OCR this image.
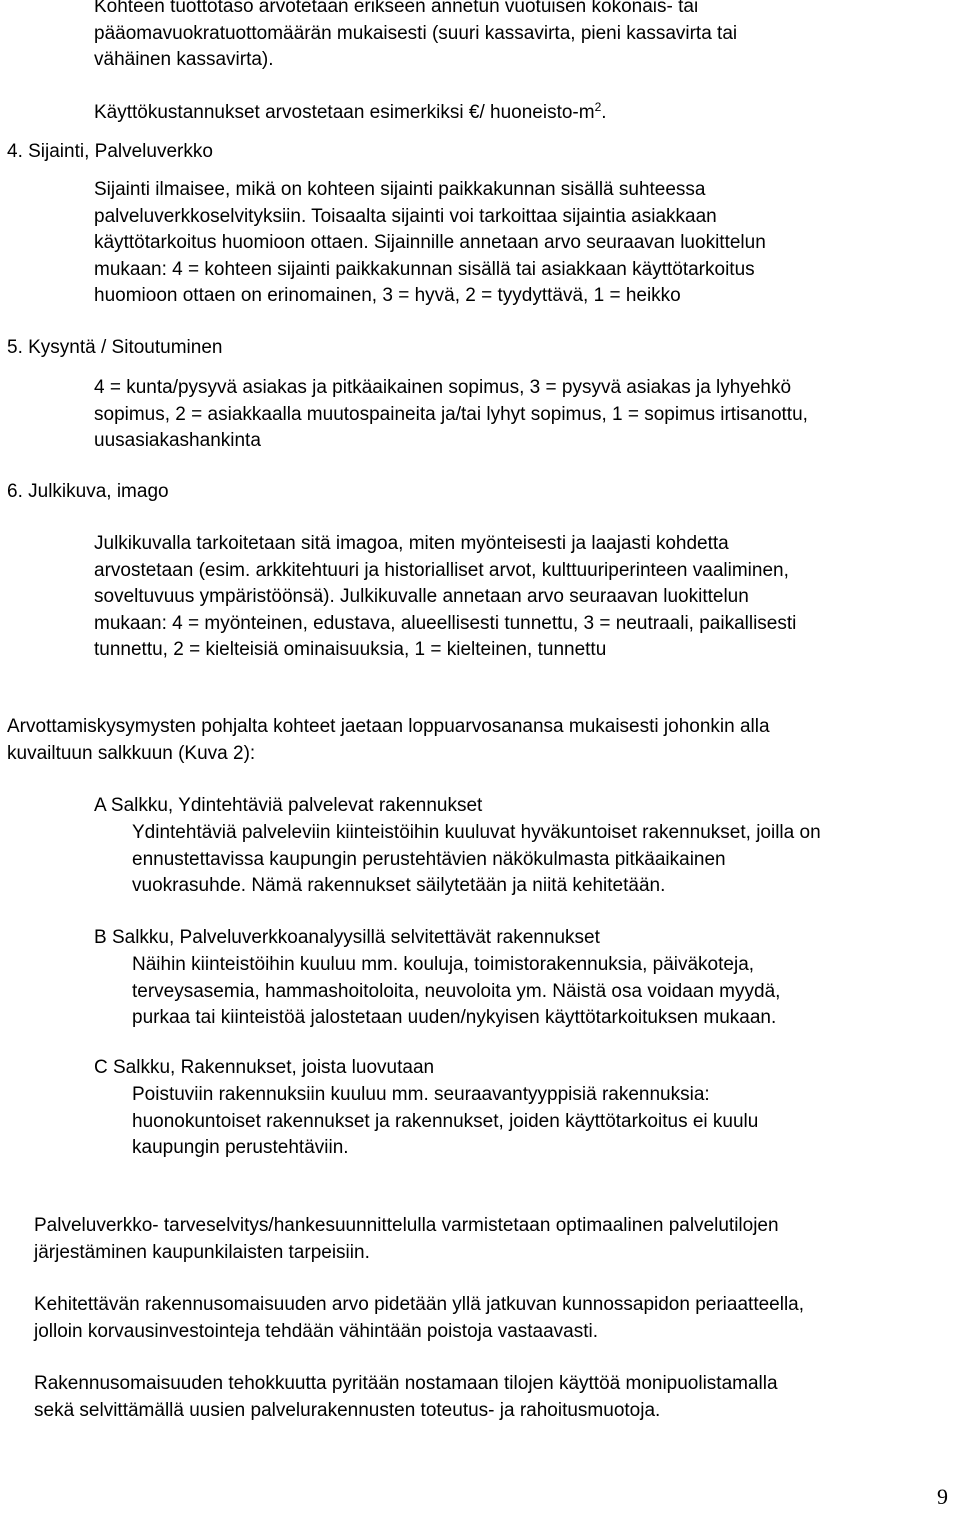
Kohteen tuottotaso arvotetaan erikseen annetun vuotuisen kokonais- tai
pääomavuokratuottomäärän mukaisesti (suuri kassavirta, pieni kassavirta tai
vähäinen kassavirta).
Käyttökustannukset arvostetaan esimerkiksi €/ huoneisto-$m^2$.
4. Sijainti, Palveluverkko
Sijainti ilmaisee, mikä on kohteen sijainti paikkakunnan sisällä suhteessa
palveluverkkoselvityksiin. Toisaalta sijainti voi tarkoittaa sijaintia asiakkaan
käyttötarkoitus huomioon ottaen. Sijainnille annetaan arvo seuraavan luokittelun
mukaan: 4 = kohteen sijainti paikkakunnan sisällä tai asiakkaan käyttötarkoitus
huomioon ottaen on erinomainen, 3 = hyvä, 2 = tyydyttävä, 1 = heikko
5. Kysyntä / Sitoutuminen
4 = kunta/pysyvä asiakas ja pitkäaikainen sopimus, 3 = pysyvä asiakas ja lyhyehkö
sopimus, 2 = asiakkaalla muutospaineita ja/tai lyhyt sopimus, 1 = sopimus irtisanottu,
uusasiakashankinta
6. Julkikuva, imago
Julkikuvalla tarkoitetaan sitä imagoa, miten myönteisesti ja laajasti kohdetta
arvostetaan (esim. arkkitehtuuri ja historialliset arvot, kulttuuriperinteen vaaliminen,
soveltuvuus ympäristöönsä). Julkikuvalle annetaan arvo seuraavan luokittelun
mukaan: 4 = myönteinen, edustava, alueellisesti tunnettu, 3 = neutraali, paikallisesti
tunnettu, 2 = kielteisiä ominaisuuksia, 1 = kielteinen, tunnettu
Arvottamiskysymysten pohjalta kohteet jaetaan loppuarvosanansa mukaisesti johonkin alla
kuvailtuun salkkuun (Kuva 2):
A Salkku, Ydintehtäviä palvelevat rakennukset
Ydintehtäviä palveleviin kiinteistöihin kuuluvat hyväkuntoiset rakennukset, joilla on
ennustettavissa kaupungin perustehtävien näkökulmasta pitkäaikainen
vuokrasuhde. Nämä rakennukset säilytetään ja niitä kehitetään.
B Salkku, Palveluverkkoanalyysillä selvitettävät rakennukset
Näihin kiinteistöihin kuuluu mm. kouluja, toimistorakennuksia, päiväkoteja,
terveysasemia, hammashoitoloita, neuvoloita ym. Näistä osa voidaan myydä,
purkaa tai kiinteistöä jalostetaan uuden/nykyisen käyttötarkoituksen mukaan.
C Salkku, Rakennukset, joista luovutaan
Poistuviin rakennuksiin kuuluu mm. seuraavantyyppisiä rakennuksia:
huonokuntoiset rakennukset ja rakennukset, joiden käyttötarkoitus ei kuulu
kaupungin perustehtäviin.
Palveluverkko- tarveselvitys/hankesuunnittelulla varmistetaan optimaalinen palvelutilojen
järjestäminen kaupunkilaisten tarpeisiin.
Kehitettävän rakennusomaisuuden arvo pidetään yllä jatkuvan kunnossapidon periaatteella,
jolloin korvausinvestointeja tehdään vähintään poistoja vastaavasti.
Rakennusomaisuuden tehokkuutta pyritään nostamaan tilojen käyttöä monipuolistamalla
sekä selvittämällä uusien palvelurakennusten toteutus- ja rahoitusmuotoja.
9
